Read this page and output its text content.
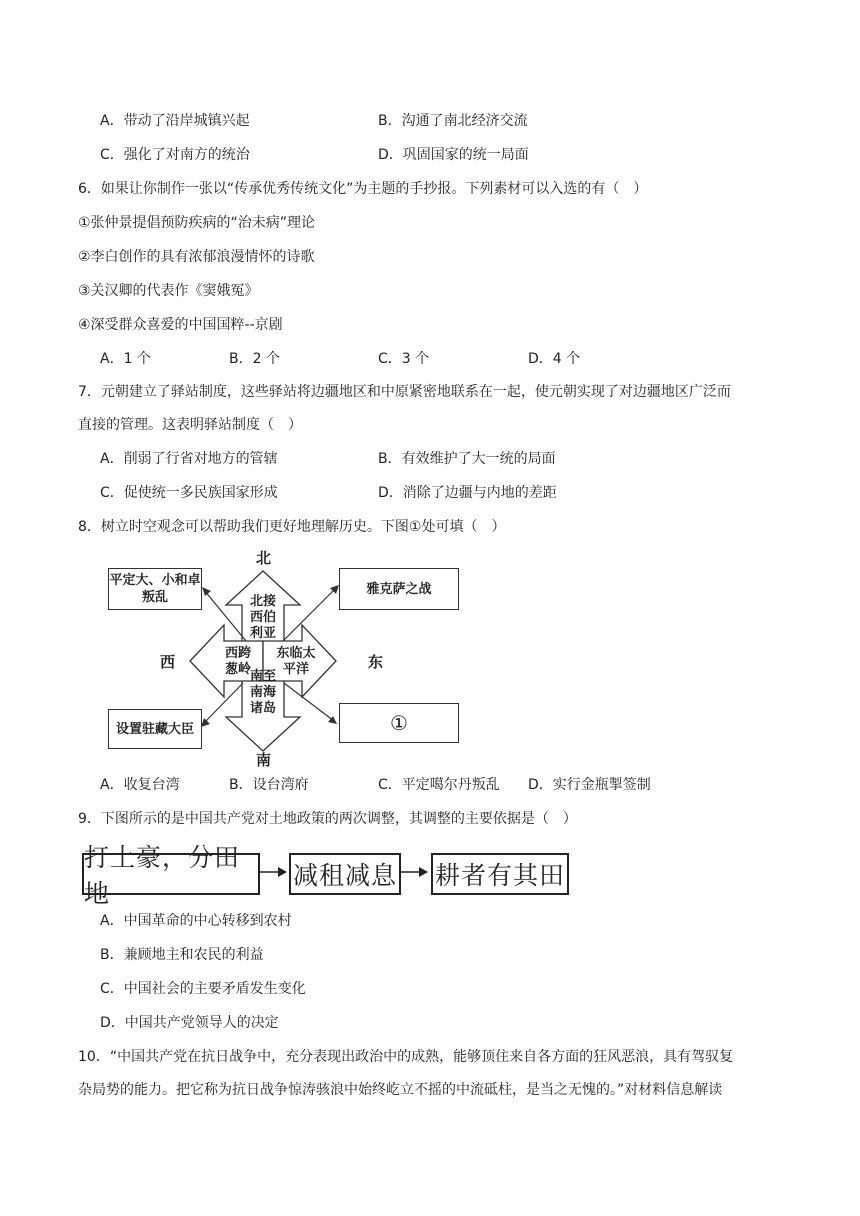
A．带动了沿岸城镇兴起	B．沟通了南北经济交流
C．强化了对南方的统治	D．巩固国家的统一局面
6．如果让你制作一张以“传承优秀传统文化”为主题的手抄报。下列素材可以入选的有（　）
①张仲景提倡预防疾病的“治未病”理论
②李白创作的具有浓郁浪漫情怀的诗歌
③关汉卿的代表作《窦娥冤》
④深受群众喜爱的中国国粹--京剧
A．1 个	B．2 个	C．3 个	D．4 个
7．元朝建立了驿站制度，这些驿站将边疆地区和中原紧密地联系在一起，使元朝实现了对边疆地区广泛而
直接的管理。这表明驿站制度（　）
A．削弱了行省对地方的管辖	B．有效维护了大一统的局面
C．促使统一多民族国家形成	D．消除了边疆与内地的差距
8．树立时空观念可以帮助我们更好地理解历史。下图①处可填（　）
北
南
西	东
北接西伯利亚
西跨葱岭
东临太平洋
南至南海诸岛
平定大、小和卓叛乱
雅克萨之战
设置驻藏大臣	①
A．收复台湾	B．设台湾府	C．平定噶尔丹叛乱 D．实行金瓶掣签制
9．下图所示的是中国共产党对土地政策的两次调整，其调整的主要依据是（　）
打土豪，分田地
减租减息 耕者有其田
A．中国革命的中心转移到农村
B．兼顾地主和农民的利益
C．中国社会的主要矛盾发生变化
D．中国共产党领导人的决定
10．“中国共产党在抗日战争中，充分表现出政治中的成熟，能够顶住来自各方面的狂风恶浪，具有驾驭复
杂局势的能力。把它称为抗日战争惊涛骇浪中始终屹立不摇的中流砥柱，是当之无愧的。”对材料信息解读
